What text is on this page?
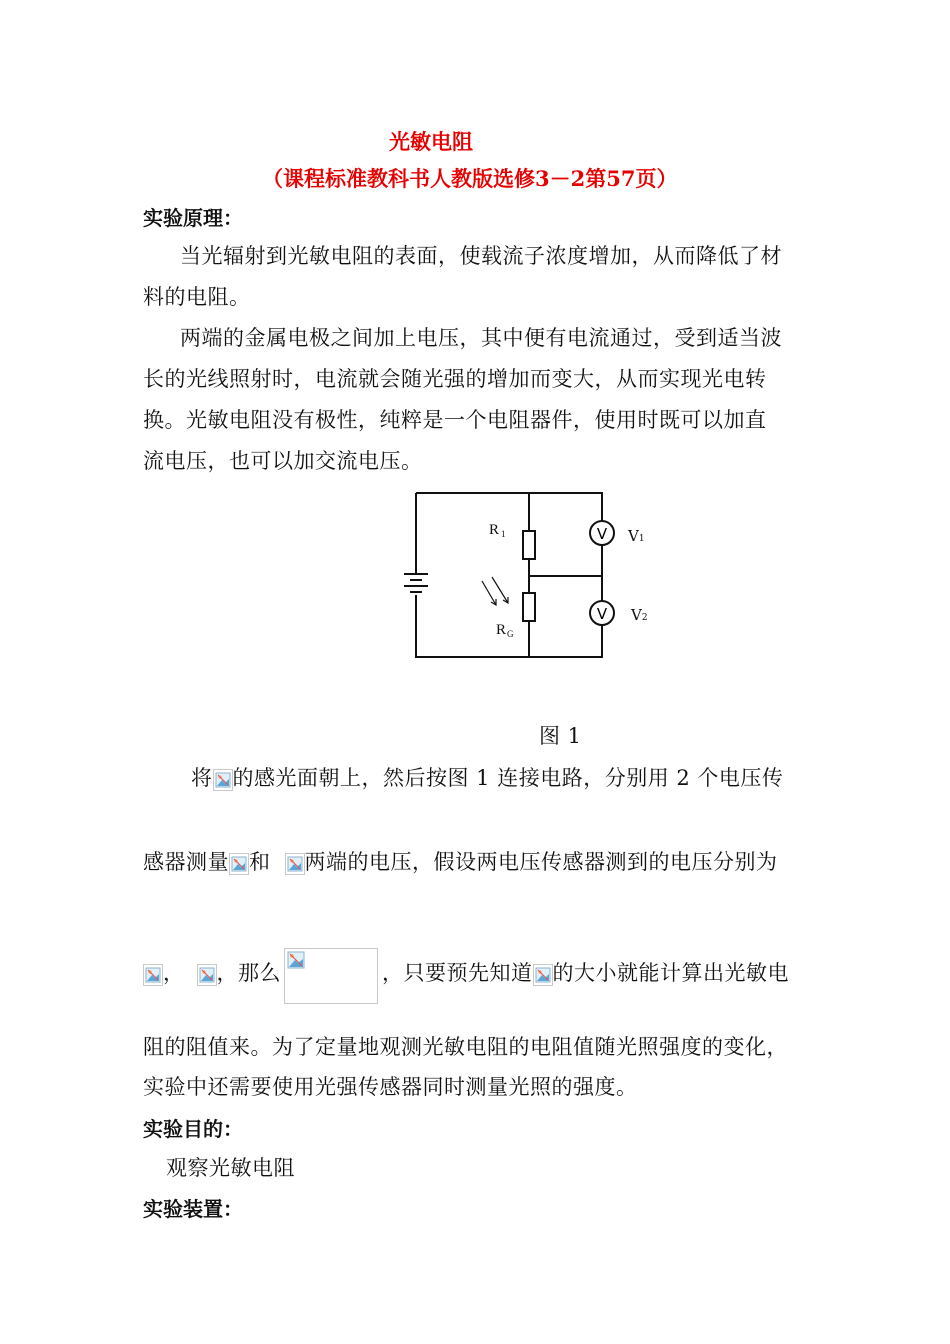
光敏电阻
（课程标准教科书人教版选修3－2第57页）
实验原理：
当光辐射到光敏电阻的表面，使载流子浓度增加，从而降低了材
料的电阻。
两端的金属电极之间加上电压，其中便有电流通过，受到适当波
长的光线照射时，电流就会随光强的增加而变大，从而实现光电转
换。光敏电阻没有极性，纯粹是一个电阻器件，使用时既可以加直
流电压，也可以加交流电压。
V
V
R 1
R G
V1
V2
图 1
将 的感光面朝上，然后按图 1 连接电路，分别用 2 个电压传
感器测量 和 两端的电压，假设两电压传感器测到的电压分别为
， ，那么	，只要预先知道 的大小就能计算出光敏电
阻的阻值来。为了定量地观测光敏电阻的电阻值随光照强度的变化，
实验中还需要使用光强传感器同时测量光照的强度。
实验目的：
观察光敏电阻
实验装置：
